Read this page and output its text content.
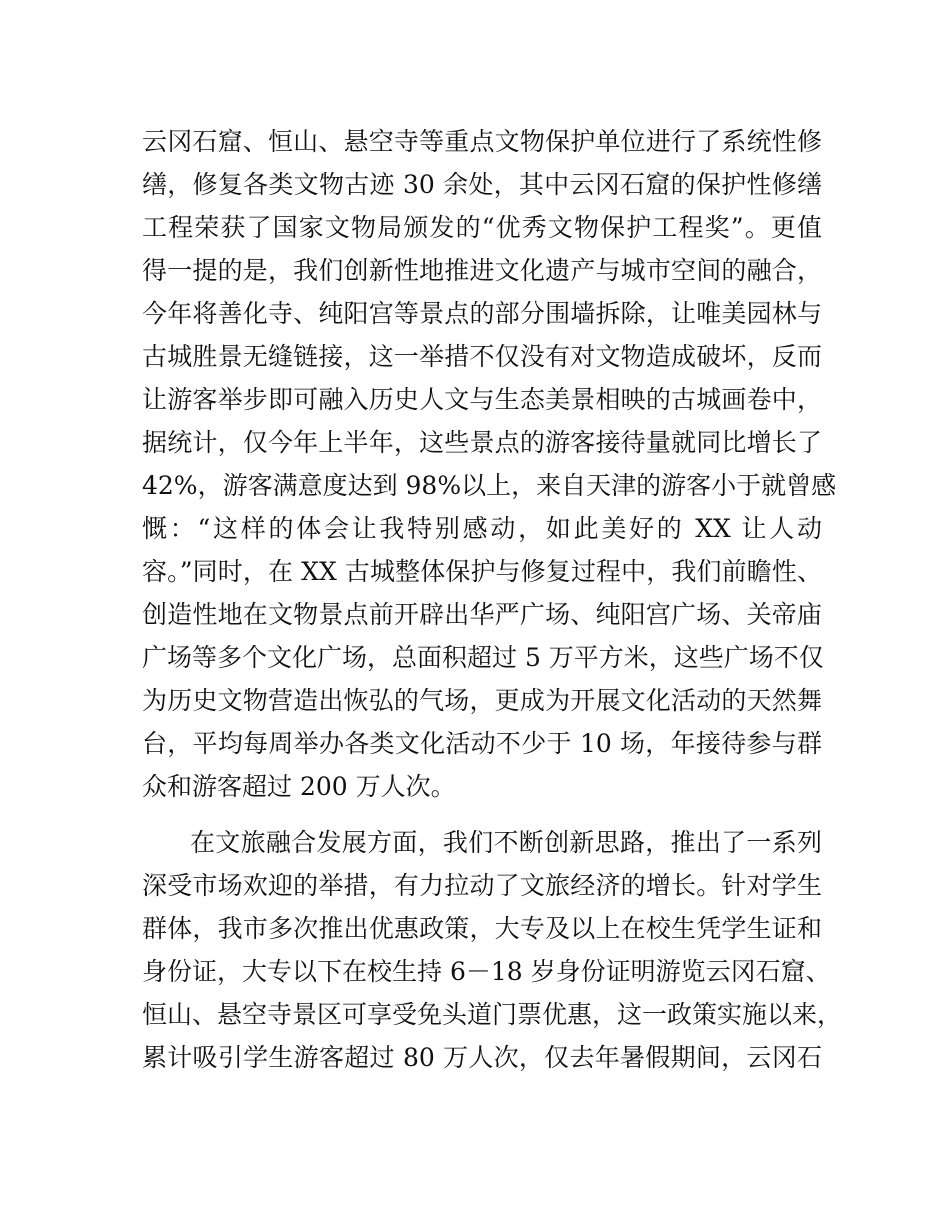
云冈石窟、恒山、悬空寺等重点文物保护单位进行了系统性修
缮，修复各类文物古迹 30 余处，其中云冈石窟的保护性修缮
工程荣获了国家文物局颁发的“优秀文物保护工程奖”。更值
得一提的是，我们创新性地推进文化遗产与城市空间的融合，
今年将善化寺、纯阳宫等景点的部分围墙拆除，让唯美园林与
古城胜景无缝链接，这一举措不仅没有对文物造成破坏，反而
让游客举步即可融入历史人文与生态美景相映的古城画卷中，
据统计，仅今年上半年，这些景点的游客接待量就同比增长了
42%，游客满意度达到 98%以上，来自天津的游客小于就曾感
慨：“这样的体会让我特别感动，如此美好的 XX 让人动
容。”同时，在 XX 古城整体保护与修复过程中，我们前瞻性、
创造性地在文物景点前开辟出华严广场、纯阳宫广场、关帝庙
广场等多个文化广场，总面积超过 5 万平方米，这些广场不仅
为历史文物营造出恢弘的气场，更成为开展文化活动的天然舞
台，平均每周举办各类文化活动不少于 10 场，年接待参与群
众和游客超过 200 万人次。
在文旅融合发展方面，我们不断创新思路，推出了一系列
深受市场欢迎的举措，有力拉动了文旅经济的增长。针对学生
群体，我市多次推出优惠政策，大专及以上在校生凭学生证和
身份证，大专以下在校生持 6－18 岁身份证明游览云冈石窟、
恒山、悬空寺景区可享受免头道门票优惠，这一政策实施以来，
累计吸引学生游客超过 80 万人次，仅去年暑假期间，云冈石
